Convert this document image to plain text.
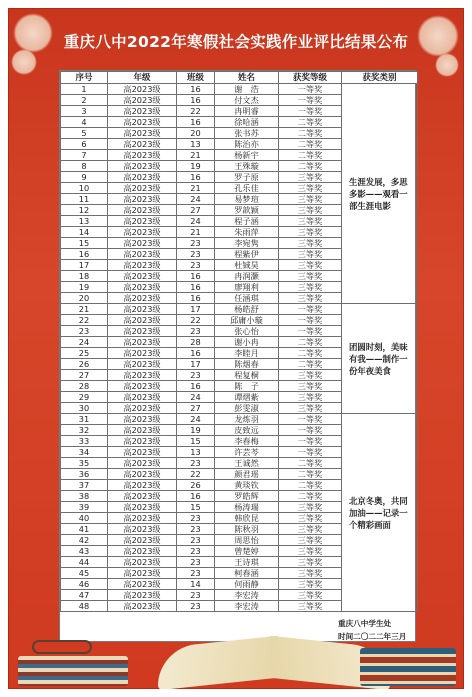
重庆八中2022年寒假社会实践作业评比结果公布
序号	年级	班级	姓名	获奖等级	获奖类别
1	高2023级	16	谢　浩	一等奖	生涯发展，多思多影——观看一部生涯电影
2	高2023级	16	付文杰	一等奖	
3	高2023级	22	冉明睿	一等奖	
4	高2023级	16	徐哈涵	二等奖	
5	高2023级	20	张书苏	二等奖	
6	高2023级	13	陈治亦	二等奖	
7	高2023级	21	杨新宇	二等奖	
8	高2023级	19	王殊璇	二等奖	
9	高2023级	16	罗子原	三等奖	
10	高2023级	21	孔乐佳	三等奖	
11	高2023级	24	易梦瑄	三等奖	
12	高2023级	27	罗歆颖	三等奖	
13	高2023级	24	程子涵	三等奖	
14	高2023级	21	朱雨萍	三等奖	
15	高2023级	23	李宛隽	三等奖	
16	高2023级	23	程紫伊	三等奖	
17	高2023级	23	杜铖昊	三等奖	
18	高2023级	16	冉润灏	三等奖	
19	高2023级	16	廖翔利	三等奖	
20	高2023级	16	任涵琪	三等奖	
21	高2023级	17	杨皓舒	一等奖	团圆时刻，美味有我——制作一份年夜美食
22	高2023级	22	邱庸小璇	一等奖	
23	高2023级	23	张心怡	一等奖	
24	高2023级	28	谢小冉	二等奖	
25	高2023级	16	李睦月	二等奖	
26	高2023级	17	陈烟春	二等奖	
27	高2023级	23	程复桐	三等奖	
28	高2023级	16	陈　子	三等奖	
29	高2023级	24	谭熠紫	三等奖	
30	高2023级	27	彭雯淑	三等奖	
31	高2023级	24	龙炼羽	一等奖	北京冬奥，共同加油——记录一个精彩画面
32	高2023级	19	皮致远	一等奖	
33	高2023级	15	李春梅	一等奖	
34	高2023级	13	许芸芩	一等奖	
35	高2023级	23	王诚然	二等奖	
36	高2023级	22	颜君瑶	二等奖	
37	高2023级	26	黄琰钦	二等奖	
38	高2023级	16	罗皓辉	二等奖	
39	高2023级	15	杨涛瑞	三等奖	
40	高2023级	23	韩欣昆	三等奖	
41	高2023级	23	陈秋羽	三等奖	
42	高2023级	23	周思怡	三等奖	
43	高2023级	23	曾楚婷	三等奖	
44	高2023级	23	王诗琪	三等奖	
45	高2023级	23	柯春涵	三等奖	
46	高2023级	14	何雨静	三等奖	
47	高2023级	23	李宏涛	三等奖	
48	高2023级	23	李宏涛	三等奖	
重庆八中学生处
时间二〇二二年三月
